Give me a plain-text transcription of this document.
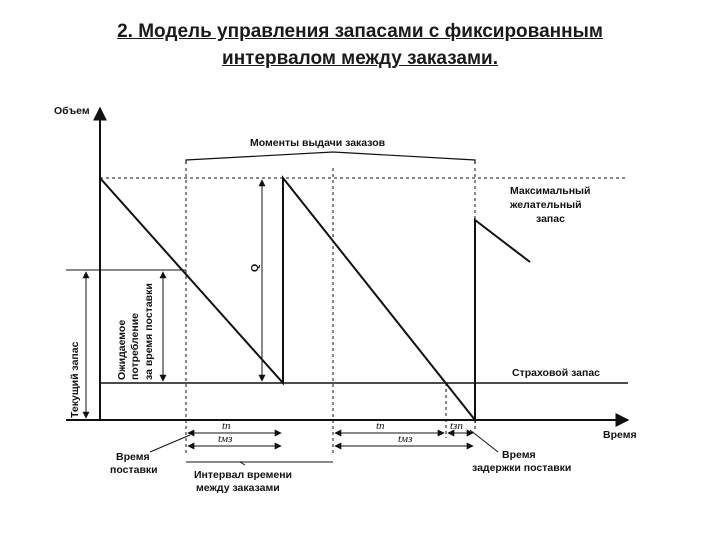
2. Модель управления запасами с фиксированным
интервалом между заказами.
Объем
Время
Моменты выдачи заказов
Q
Текущий запас	Ожидаемое потребление за время поставки
Максимальный
желательный
запас
Страховой запас
tп	tп	tзп
tмз	tмз
Время
поставки	Интервал времени
между заказами
Время
задержки поставки
